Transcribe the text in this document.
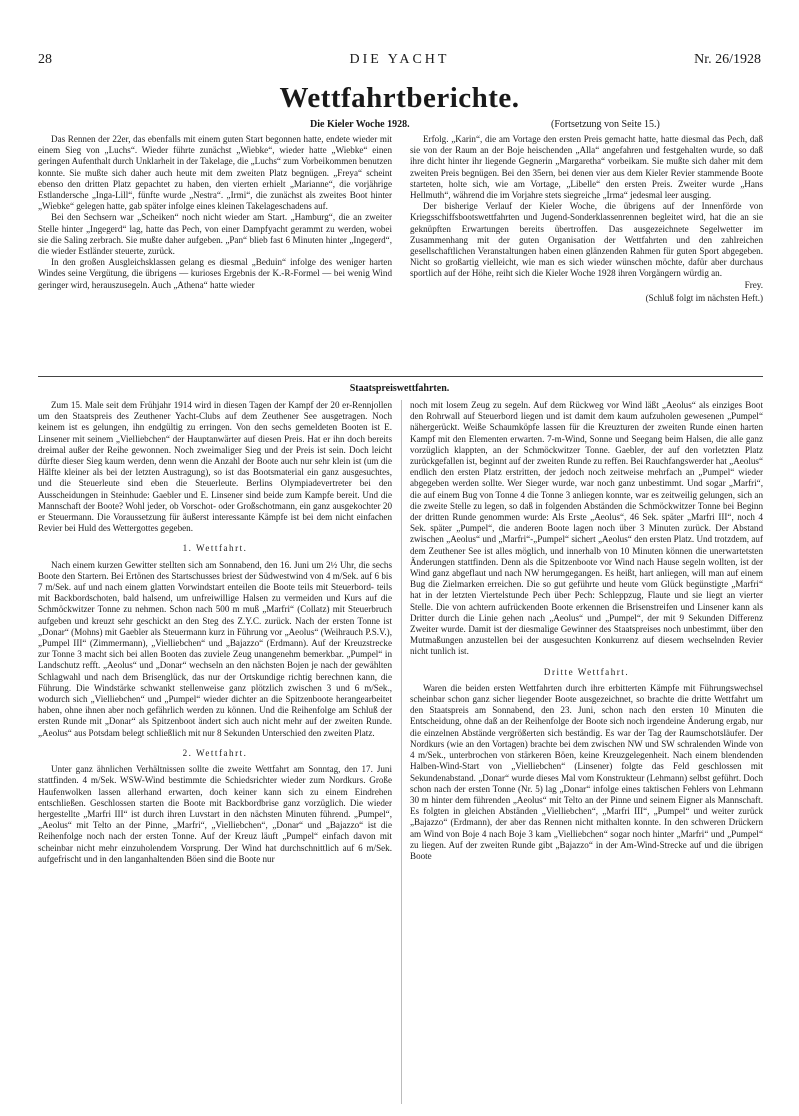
28	DIE YACHT	Nr. 26/1928
Wettfahrtberichte.
Die Kieler Woche 1928.	(Fortsetzung von Seite 15.)

Das Rennen der 22er, das ebenfalls mit einem guten Start begonnen hatte, endete wieder mit einem Sieg von „Luchs“. Wieder führte zunächst „Wiebke“, wieder hatte „Wiebke“ einen geringen Aufenthalt durch Unklarheit in der Takelage, die „Luchs“ zum Vorbeikommen benutzen konnte. Sie mußte sich daher auch heute mit dem zweiten Platz begnügen. „Freya“ scheint ebenso den dritten Platz gepachtet zu haben, den vierten erhielt „Marianne“, die vorjährige Estlandersche „Inga-Lill“, fünfte wurde „Nestra“. „Irmi“, die zunächst als zweites Boot hinter „Wiebke“ gelegen hatte, gab später infolge eines kleinen Takelageschadens auf.

Bei den Sechsern war „Scheiken“ noch nicht wieder am Start. „Hamburg“, die an zweiter Stelle hinter „Ingegerd“ lag, hatte das Pech, von einer Dampfyacht gerammt zu werden, wobei sie die Saling zerbrach. Sie mußte daher aufgeben. „Pan“ blieb fast 6 Minuten hinter „Ingegerd“, die wieder Estländer steuerte, zurück.

In den großen Ausgleichsklassen gelang es diesmal „Beduin“ infolge des weniger harten Windes seine Vergütung, die übrigens — kurioses Ergebnis der K.-R-Formel — bei wenig Wind geringer wird, herauszusegeln. Auch „Athena“ hatte wieder

Erfolg. „Karin“, die am Vortage den ersten Preis gemacht hatte, hatte diesmal das Pech, daß sie von der Raum an der Boje heischenden „Alla“ angefahren und festgehalten wurde, so daß ihre dicht hinter ihr liegende Gegnerin „Margaretha“ vorbeikam. Sie mußte sich daher mit dem zweiten Preis begnügen. Bei den 35ern, bei denen vier aus dem Kieler Revier stammende Boote starteten, holte sich, wie am Vortage, „Libelle“ den ersten Preis. Zweiter wurde „Hans Hellmuth“, während die im Vorjahre stets siegreiche „Irma“ jedesmal leer ausging.

Der bisherige Verlauf der Kieler Woche, die übrigens auf der Innenförde von Kriegsschiffsbootswettfahrten und Jugend-Sonderklassenrennen begleitet wird, hat die an sie geknüpften Erwartungen bereits übertroffen. Das ausgezeichnete Segelwetter im Zusammenhang mit der guten Organisation der Wettfahrten und den zahlreichen gesellschaftlichen Veranstaltungen haben einen glänzenden Rahmen für guten Sport abgegeben. Nicht so großartig vielleicht, wie man es sich wieder wünschen möchte, dafür aber durchaus sportlich auf der Höhe, reiht sich die Kieler Woche 1928 ihren Vorgängern würdig an.

Frey.

(Schluß folgt im nächsten Heft.)

Staatspreiswettfahrten.

Zum 15. Male seit dem Frühjahr 1914 wird in diesen Tagen der Kampf der 20 er-Rennjollen um den Staatspreis des Zeuthener Yacht-Clubs auf dem Zeuthener See ausgetragen. Noch keinem ist es gelungen, ihn endgültig zu erringen. Von den sechs gemeldeten Booten ist E. Linsener mit seinem „Vielliebchen“ der Hauptanwärter auf diesen Preis. Hat er ihn doch bereits dreimal außer der Reihe gewonnen. Noch zweimaliger Sieg und der Preis ist sein. Doch leicht dürfte dieser Sieg kaum werden, denn wenn die Anzahl der Boote auch nur sehr klein ist (um die Hälfte kleiner als bei der letzten Austragung), so ist das Bootsmaterial ein ganz ausgesuchtes, und die Steuerleute sind eben die Steuerleute. Berlins Olympiadevertreter bei den Ausscheidungen in Steinhude: Gaebler und E. Linsener sind beide zum Kampfe bereit. Und die Mannschaft der Boote? Wohl jeder, ob Vorschot- oder Großschotmann, ein ganz ausgekochter 20 er Steuermann. Die Voraussetzung für äußerst interessante Kämpfe ist bei dem nicht einfachen Revier bei Huld des Wettergottes gegeben.

1. Wettfahrt.

Nach einem kurzen Gewitter stellten sich am Sonnabend, den 16. Juni um 2½ Uhr, die sechs Boote den Startern. Bei Ertönen des Startschusses briest der Südwestwind von 4 m/Sek. auf 6 bis 7 m/Sek. auf und nach einem glatten Vorwindstart enteilen die Boote teils mit Steuerbord- teils mit Backbordschoten, bald halsend, um unfreiwillige Halsen zu vermeiden und Kurs auf die Schmöckwitzer Tonne zu nehmen. Schon nach 500 m muß „Marfri“ (Collatz) mit Steuerbruch aufgeben und kreuzt sehr geschickt an den Steg des Z.Y.C. zurück. Nach der ersten Tonne ist „Donar“ (Mohns) mit Gaebler als Steuermann kurz in Führung vor „Aeolus“ (Weihrauch P.S.V.), „Pumpel III“ (Zimmermann), „Vielliebchen“ und „Bajazzo“ (Erdmann). Auf der Kreuzstrecke zur Tonne 3 macht sich bei allen Booten das zuviele Zeug unangenehm bemerkbar. „Pumpel“ in Landschutz refft. „Aeolus“ und „Donar“ wechseln an den nächsten Bojen je nach der gewählten Schlagwahl und nach dem Brisenglück, das nur der Ortskundige richtig berechnen kann, die Führung. Die Windstärke schwankt stellenweise ganz plötzlich zwischen 3 und 6 m/Sek., wodurch sich „Vielliebchen“ und „Pumpel“ wieder dichter an die Spitzenboote herangearbeitet haben, ohne ihnen aber noch gefährlich werden zu können. Und die Reihenfolge am Schluß der ersten Runde mit „Donar“ als Spitzenboot ändert sich auch nicht mehr auf der zweiten Runde. „Aeolus“ aus Potsdam belegt schließlich mit nur 8 Sekunden Unterschied den zweiten Platz.

2. Wettfahrt.

Unter ganz ähnlichen Verhältnissen sollte die zweite Wettfahrt am Sonntag, den 17. Juni stattfinden. 4 m/Sek. WSW-Wind bestimmte die Schiedsrichter wieder zum Nordkurs. Große Haufenwolken lassen allerhand erwarten, doch keiner kann sich zu einem Eindrehen entschließen. Geschlossen starten die Boote mit Backbordbrise ganz vorzüglich. Die wieder hergestellte „Marfri III“ ist durch ihren Luvstart in den nächsten Minuten führend. „Pumpel“, „Aeolus“ mit Telto an der Pinne, „Marfri“, „Vielliebchen“, „Donar“ und „Bajazzo“ ist die Reihenfolge noch nach der ersten Tonne. Auf der Kreuz läuft „Pumpel“ einfach davon mit scheinbar nicht mehr einzuholendem Vorsprung. Der Wind hat durchschnittlich auf 6 m/Sek. aufgefrischt und in den langanhaltenden Böen sind die Boote nur

noch mit losem Zeug zu segeln. Auf dem Rückweg vor Wind läßt „Aeolus“ als einziges Boot den Rohrwall auf Steuerbord liegen und ist damit dem kaum aufzuholen gewesenen „Pumpel“ nähergerückt. Weiße Schaumköpfe lassen für die Kreuzturen der zweiten Runde einen harten Kampf mit den Elementen erwarten. 7-m-Wind, Sonne und Seegang beim Halsen, die alle ganz vorzüglich klappten, an der Schmöckwitzer Tonne. Gaebler, der auf den vorletzten Platz zurückgefallen ist, beginnt auf der zweiten Runde zu reffen. Bei Rauchfangswerder hat „Aeolus“ endlich den ersten Platz erstritten, der jedoch noch zeitweise mehrfach an „Pumpel“ wieder abgegeben werden sollte. Wer Sieger wurde, war noch ganz unbestimmt. Und sogar „Marfri“, die auf einem Bug von Tonne 4 die Tonne 3 anliegen konnte, war es zeitweilig gelungen, sich an die zweite Stelle zu legen, so daß in folgenden Abständen die Schmöckwitzer Tonne bei Beginn der dritten Runde genommen wurde: Als Erste „Aeolus“, 46 Sek. später „Marfri III“, noch 4 Sek. später „Pumpel“, die anderen Boote lagen noch über 3 Minuten zurück. Der Abstand zwischen „Aeolus“ und „Marfri“-„Pumpel“ sichert „Aeolus“ den ersten Platz. Und trotzdem, auf dem Zeuthener See ist alles möglich, und innerhalb von 10 Minuten können die unerwartetsten Änderungen stattfinden. Denn als die Spitzenboote vor Wind nach Hause segeln wollten, ist der Wind ganz abgeflaut und nach NW herumgegangen. Es heißt, hart anliegen, will man auf einem Bug die Zielmarken erreichen. Die so gut geführte und heute vom Glück begünstigte „Marfri“ hat in der letzten Viertelstunde Pech über Pech: Schleppzug, Flaute und sie liegt an vierter Stelle. Die von achtern aufrückenden Boote erkennen die Brisenstreifen und Linsener kann als Dritter durch die Linie gehen nach „Aeolus“ und „Pumpel“, der mit 9 Sekunden Differenz Zweiter wurde. Damit ist der diesmalige Gewinner des Staatspreises noch unbestimmt, über den Mutmaßungen anzustellen bei der ausgesuchten Konkurrenz auf diesem wechselnden Revier nicht tunlich ist.

Dritte Wettfahrt.

Waren die beiden ersten Wettfahrten durch ihre erbitterten Kämpfe mit Führungswechsel scheinbar schon ganz sicher liegender Boote ausgezeichnet, so brachte die dritte Wettfahrt um den Staatspreis am Sonnabend, den 23. Juni, schon nach den ersten 10 Minuten die Entscheidung, ohne daß an der Reihenfolge der Boote sich noch irgendeine Änderung ergab, nur die einzelnen Abstände vergrößerten sich beständig. Es war der Tag der Raumschotsläufer. Der Nordkurs (wie an den Vortagen) brachte bei dem zwischen NW und SW schralenden Winde von 4 m/Sek., unterbrochen von stärkeren Böen, keine Kreuzgelegenheit. Nach einem blendenden Halben-Wind-Start von „Vielliebchen“ (Linsener) folgte das Feld geschlossen mit Sekundenabstand. „Donar“ wurde dieses Mal vom Konstrukteur (Lehmann) selbst geführt. Doch schon nach der ersten Tonne (Nr. 5) lag „Donar“ infolge eines taktischen Fehlers von Lehmann 30 m hinter dem führenden „Aeolus“ mit Telto an der Pinne und seinem Eigner als Mannschaft. Es folgten in gleichen Abständen „Vielliebchen“, „Marfri III“, „Pumpel“ und weiter zurück „Bajazzo“ (Erdmann), der aber das Rennen nicht mithalten konnte. In den schweren Drückern am Wind von Boje 4 nach Boje 3 kam „Vielliebchen“ sogar noch hinter „Marfri“ und „Pumpel“ zu liegen. Auf der zweiten Runde gibt „Bajazzo“ in der Am-Wind-Strecke auf und die übrigen Boote
